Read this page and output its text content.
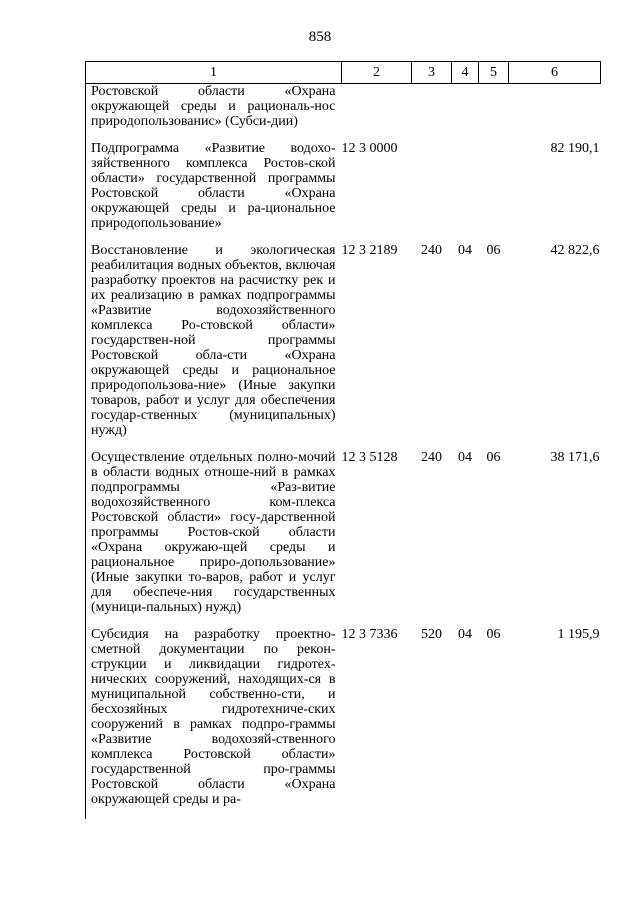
858
1	2	3	4	5	6
Ростовской области «Охрана окружающей среды и рациональ-нос природопользованис» (Субси-дии)					
Подпрограмма «Развитие водохо-зяйственного комплекса Ростов-ской области» государственной программы Ростовской области «Охрана окружающей среды и ра-циональное природопользование»	12 3 0000				82 190,1
Восстановление и экологическая реабилитация водных объектов, включая разработку проектов на расчистку рек и их реализацию в рамках подпрограммы «Развитие водохозяйственного комплекса Ро-стовской области» государствен-ной программы Ростовской обла-сти «Охрана окружающей среды и рациональное природопользова-ние» (Иные закупки товаров, работ и услуг для обеспечения государ-ственных (муниципальных) нужд)	12 3 2189	240	04	06	42 822,6
Осуществление отдельных полно-мочий в области водных отноше-ний в рамках подпрограммы «Раз-витие водохозяйственного ком-плекса Ростовской области» госу-дарственной программы Ростов-ской области «Охрана окружаю-щей среды и рациональное приро-допользование» (Иные закупки то-варов, работ и услуг для обеспече-ния государственных (муници-пальных) нужд)	12 3 5128	240	04	06	38 171,6
Субсидия на разработку проектно-сметной документации по рекон-струкции и ликвидации гидротех-нических сооружений, находящих-ся в муниципальной собственно-сти, и бесхозяйных гидротехниче-ских сооружений в рамках подпро-граммы «Развитие водохозяй-ственного комплекса Ростовской области» государственной про-граммы Ростовской области «Охрана окружающей среды и ра-	12 3 7336	520	04	06	1 195,9
